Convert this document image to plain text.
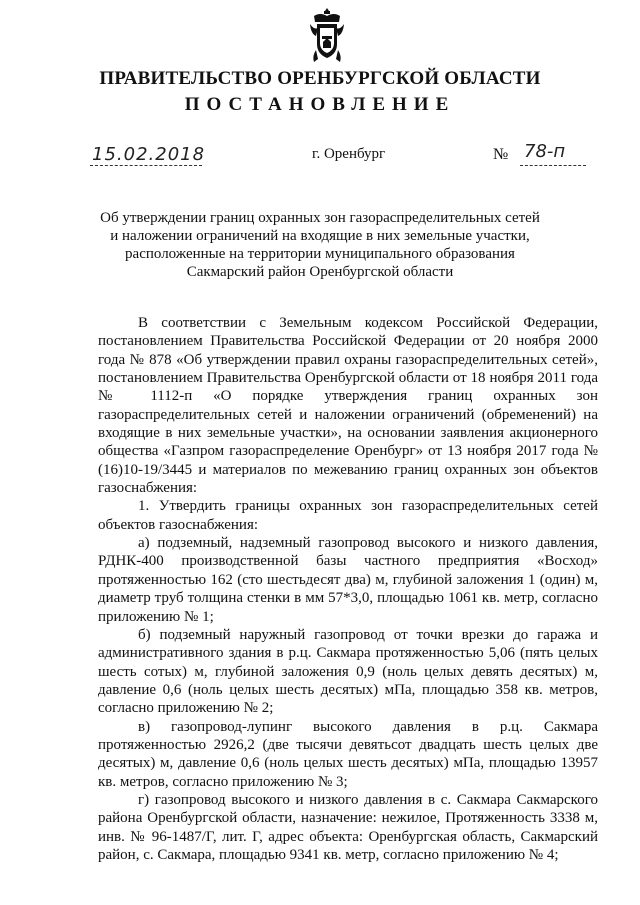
ПРАВИТЕЛЬСТВО ОРЕНБУРГСКОЙ ОБЛАСТИ
ПОСТАНОВЛЕНИЕ
15.02.2018	г. Оренбург	№ 78-п
Об утверждении границ охранных зон газораспределительных сетей
и наложении ограничений на входящие в них земельные участки,
расположенные на территории муниципального образования
Сакмарский район Оренбургской области

В соответствии с Земельным кодексом Российской Федерации, постановлением Правительства Российской Федерации от 20 ноября 2000 года № 878 «Об утверждении правил охраны газораспределительных сетей», постановлением Правительства Оренбургской области от 18 ноября 2011 года № 1112-п «О порядке утверждения границ охранных зон газораспределительных сетей и наложении ограничений (обременений) на входящие в них земельные участки», на основании заявления акционерного общества «Газпром газораспределение Оренбург» от 13 ноября 2017 года № (16)10-19/3445 и материалов по межеванию границ охранных зон объектов газоснабжения:

1. Утвердить границы охранных зон газораспределительных сетей объектов газоснабжения:

а) подземный, надземный газопровод высокого и низкого давления, РДНК-400 производственной базы частного предприятия «Восход» протяженностью 162 (сто шестьдесят два) м, глубиной заложения 1 (один) м, диаметр труб толщина стенки в мм 57*3,0, площадью 1061 кв. метр, согласно приложению № 1;

б) подземный наружный газопровод от точки врезки до гаража и административного здания в р.ц. Сакмара протяженностью 5,06 (пять целых шесть сотых) м, глубиной заложения 0,9 (ноль целых девять десятых) м, давление 0,6 (ноль целых шесть десятых) мПа, площадью 358 кв. метров, согласно приложению № 2;

в) газопровод-лупинг высокого давления в р.ц. Сакмара протяженностью 2926,2 (две тысячи девятьсот двадцать шесть целых две десятых) м, давление 0,6 (ноль целых шесть десятых) мПа, площадью 13957 кв. метров, согласно приложению № 3;

г) газопровод высокого и низкого давления в с. Сакмара Сакмарского района Оренбургской области, назначение: нежилое, Протяженность 3338 м, инв. № 96-1487/Г, лит. Г, адрес объекта: Оренбургская область, Сакмарский район, с. Сакмара, площадью 9341 кв. метр, согласно приложению № 4;
